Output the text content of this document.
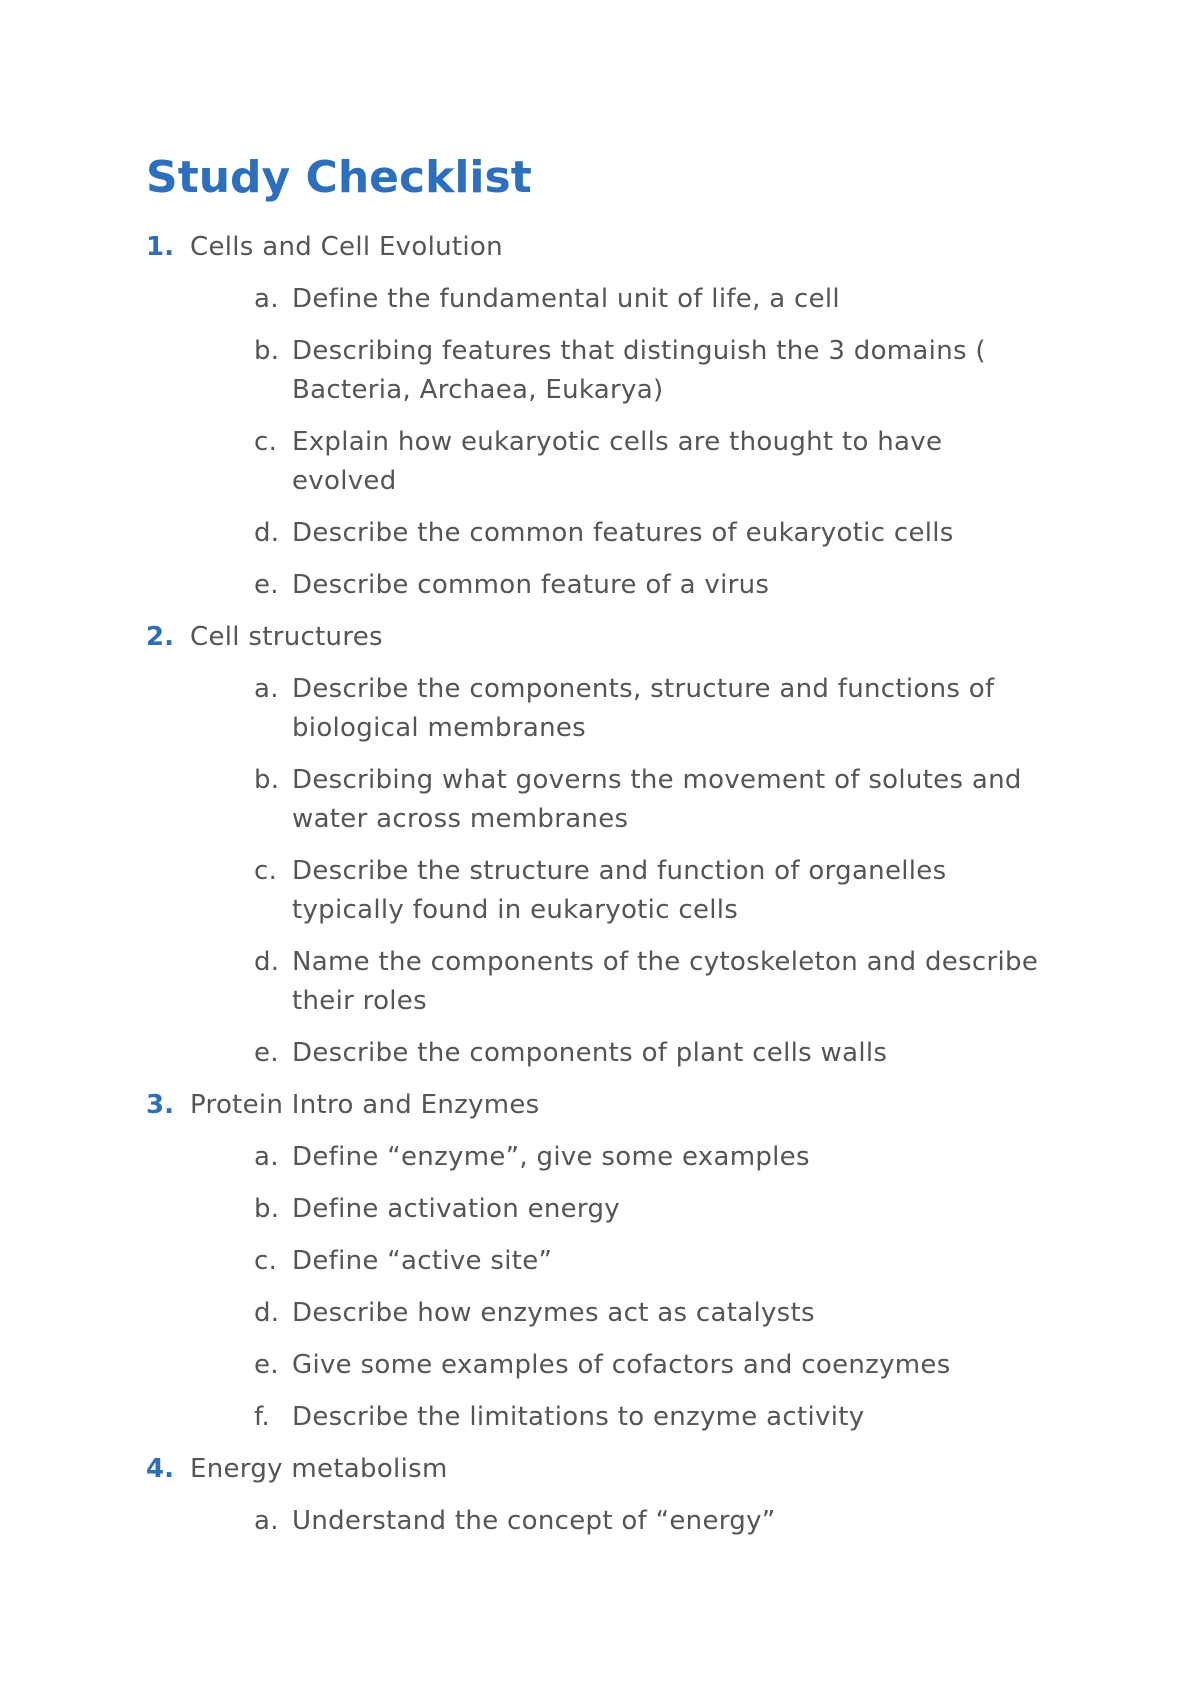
Study Checklist
1. Cells and Cell Evolution
a. Define the fundamental unit of life, a cell
b. Describing features that distinguish the 3 domains ( Bacteria, Archaea, Eukarya)
c. Explain how eukaryotic cells are thought to have evolved
d. Describe the common features of eukaryotic cells
e. Describe common feature of a virus
2. Cell structures
a. Describe the components, structure and functions of biological membranes
b. Describing what governs the movement of solutes and water across membranes
c. Describe the structure and function of organelles typically found in eukaryotic cells
d. Name the components of the cytoskeleton and describe their roles
e. Describe the components of plant cells walls
3. Protein Intro and Enzymes
a. Define “enzyme”, give some examples
b. Define activation energy
c. Define “active site”
d. Describe how enzymes act as catalysts
e. Give some examples of cofactors and coenzymes
f. Describe the limitations to enzyme activity
4. Energy metabolism
a. Understand the concept of “energy”
